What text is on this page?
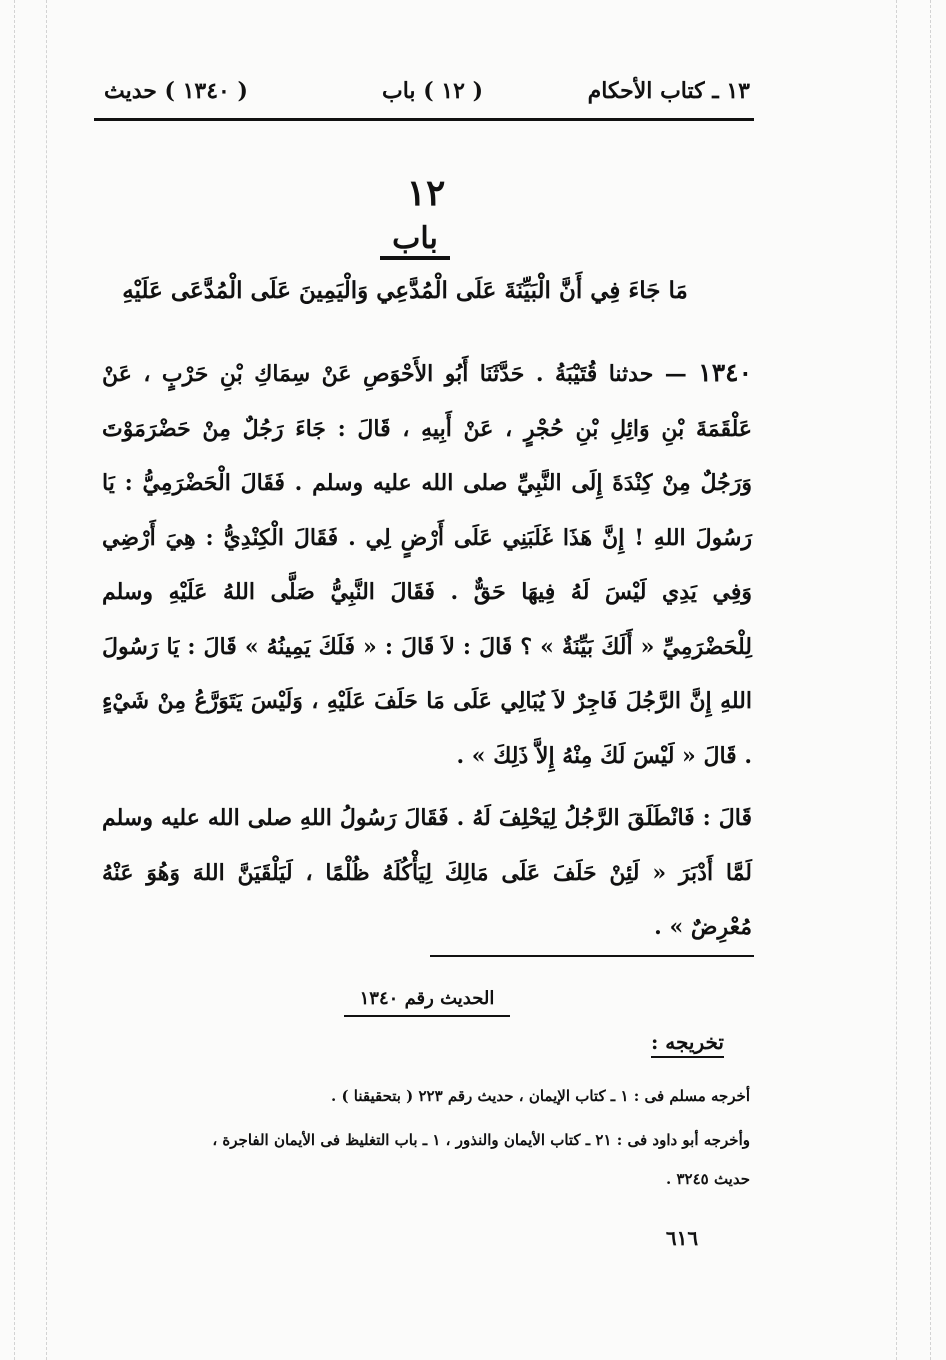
١٣ ـ كتاب الأحكام
( ١٢ ) باب
( ١٣٤٠ ) حديث
١٢
باب
مَا جَاءَ فِي أَنَّ الْبَيِّنَةَ عَلَى الْمُدَّعِي وَالْيَمِينَ عَلَى الْمُدَّعَى عَلَيْهِ

١٣٤٠ — حدثنا قُتَيْبَةُ . حَدَّثَنَا أَبُو الأَحْوَصِ عَنْ سِمَاكِ بْنِ حَرْبٍ ، عَنْ عَلْقَمَةَ بْنِ وَائِلِ بْنِ حُجْرٍ ، عَنْ أَبِيهِ ، قَالَ : جَاءَ رَجُلٌ مِنْ حَضْرَمَوْتَ وَرَجُلٌ مِنْ كِنْدَةَ إِلَى النَّبِيِّ صلى الله عليه وسلم . فَقَالَ الْحَضْرَمِيُّ : يَا رَسُولَ اللهِ ! إِنَّ هَذَا غَلَبَنِي عَلَى أَرْضٍ لِي . فَقَالَ الْكِنْدِيُّ : هِيَ أَرْضِي وَفِي يَدِي لَيْسَ لَهُ فِيهَا حَقٌّ . فَقَالَ النَّبِيُّ صَلَّى اللهُ عَلَيْهِ وسلم لِلْحَضْرَمِيِّ « أَلَكَ بَيِّنَةٌ » ؟ قَالَ : لاَ قَالَ : « فَلَكَ يَمِينُهُ » قَالَ : يَا رَسُولَ اللهِ إِنَّ الرَّجُلَ فَاجِرٌ لاَ يُبَالِي عَلَى مَا حَلَفَ عَلَيْهِ ، وَلَيْسَ يَتَوَرَّعُ مِنْ شَيْءٍ . قَالَ « لَيْسَ لَكَ مِنْهُ إِلاَّ ذَلِكَ » .

قَالَ : فَانْطَلَقَ الرَّجُلُ لِيَحْلِفَ لَهُ . فَقَالَ رَسُولُ اللهِ صلى الله عليه وسلم لَمَّا أَدْبَرَ « لَئِنْ حَلَفَ عَلَى مَالِكَ لِيَأْكُلَهُ ظُلْمًا ، لَيَلْقَيَنَّ اللهَ وَهُوَ عَنْهُ مُعْرِضٌ » .

الحديث رقم ١٣٤٠
تخريجه :
أخرجه مسلم فى : ١ ـ كتاب الإيمان ، حديث رقم ٢٢٣ ( بتحقيقنا ) .
وأخرجه أبو داود فى : ٢١ ـ كتاب الأيمان والنذور ، ١ ـ باب التغليظ فى الأيمان الفاجرة ،
حديث ٣٢٤٥ .
٦١٦
